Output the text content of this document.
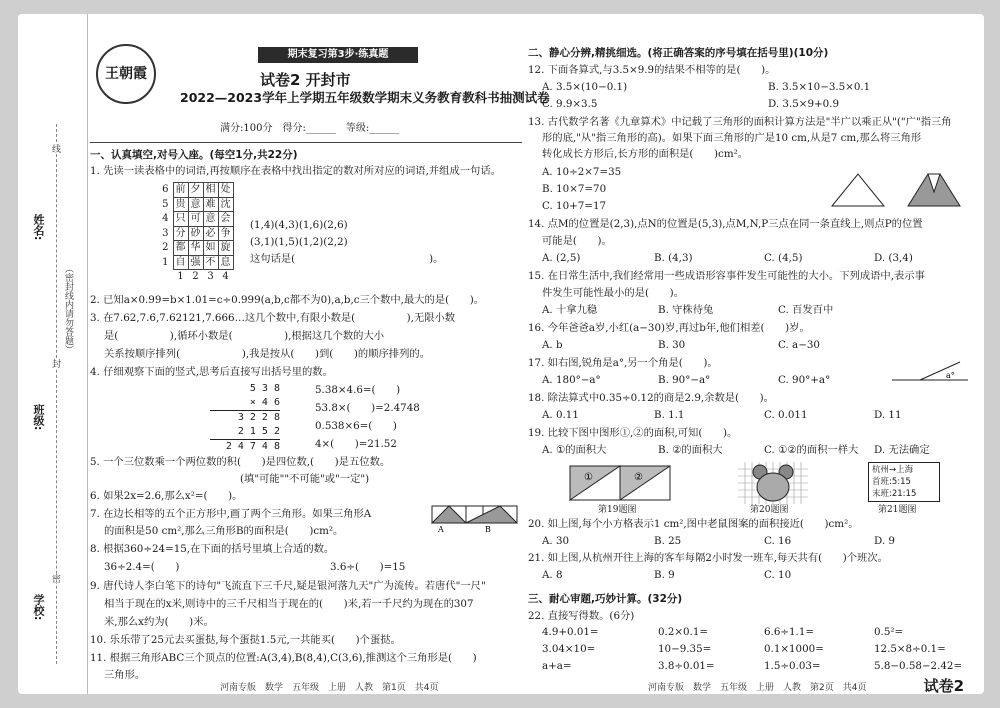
姓名:
班级:
学校:
（密封线内请勿答题）
线
封
密
王朝霞
期末复习第3步·练真题
试卷2 开封市
2022—2023学年上学期五年级数学期末义务教育教科书抽测试卷
满分:100分　得分:______　等级:______
一、认真填空,对号入座。(每空1分,共22分)
1. 先读一读表格中的词语,再按顺序在表格中找出指定的数对所对应的词语,并组成一句话。
6	前	夕	相	处
5	贵	意	难	沈
4	只	可	意	会
3	分	砂	必	争
2	都	华	如	旋
1	自	强	不	息
	1	2	3	4
(1,4)(4,3)(1,6)(2,6)
(3,1)(1,5)(1,2)(2,2)
这句话是(　　　　　　　　　　　　　)。
2. 已知a×0.99=b×1.01=c÷0.999(a,b,c都不为0),a,b,c三个数中,最大的是(　　)。
3. 在7.62,7.6̇,7.62121,7.666…这几个数中,有限小数是(　　　　　),无限小数
是(　　　　　),循环小数是(　　　　　),根据这几个数的大小
关系按顺序排列(　　　　　　),我是按从(　　)到(　　)的顺序排列的。
4. 仔细观察下面的竖式,思考后直接写出括号里的数。
5 3 8
× 4 6
3 2 2 8
2 1 5 2
2 4 7 4 8
5.38×4.6=(　　)
53.8×(　　)=2.4748
0.538×6=(　　)
4×(　　)=21.52
5. 一个三位数乘一个两位数的积(　　)是四位数,(　　)是五位数。
(填"可能""不可能"或"一定")
6. 如果2x=2.6,那么x²=(　　)。
7. 在边长相等的五个正方形中,画了两个三角形。如果三角形A
的面积是50 cm²,那么三角形B的面积是(　　)cm²。	A	B
8. 根据360÷24=15,在下面的括号里填上合适的数。
36÷2.4=(　　)	3.6÷(　　)=15
9. 唐代诗人李白笔下的诗句"飞流直下三千尺,疑是银河落九天"广为流传。若唐代"一尺"
相当于现在的x米,则诗中的三千尺相当于现在的(　　)米,若一千尺约为现在的307
米,那么x约为(　　)米。
10. 乐乐带了25元去买蛋挞,每个蛋挞1.5元,一共能买(　　)个蛋挞。
11. 根据三角形ABC三个顶点的位置:A(3,4),B(8,4),C(3,6),推测这个三角形是(　　)
三角形。
河南专版　数学　五年级　上册　人教　第1页　共4页
二、静心分辨,精挑细选。(将正确答案的序号填在括号里)(10分)
12. 下面各算式,与3.5×9.9的结果不相等的是(　　)。
A. 3.5×(10−0.1)	B. 3.5×10−3.5×0.1
C. 9.9×3.5	D. 3.5×9+0.9
13. 古代数学名著《九章算术》中记载了三角形的面积计算方法是"半广以乘正从"("广"指三角
形的底,"从"指三角形的高)。如果下面三角形的广是10 cm,从是7 cm,那么将三角形
转化成长方形后,长方形的面积是(　　)cm²。
A. 10÷2×7=35
B. 10×7=70
C. 10+7=17
14. 点M的位置是(2,3),点N的位置是(5,3),点M,N,P三点在同一条直线上,则点P的位置
可能是(　　)。
A. (2,5)	B. (4,3)	C. (4,5)	D. (3,4)
15. 在日常生活中,我们经常用一些成语形容事件发生可能性的大小。下列成语中,表示事
件发生可能性最小的是(　　)。
A. 十拿九稳	B. 守株待兔	C. 百发百中
16. 今年爸爸a岁,小红(a−30)岁,再过b年,他们相差(　　)岁。
A. b	B. 30	C. a−30
17. 如右图,锐角是a°,另一个角是(　　)。
A. 180°−a°	B. 90°−a°	C. 90°+a°	a°
18. 除法算式中0.35÷0.12的商是2.9,余数是(　　)。
A. 0.11	B. 1.1	C. 0.011	D. 11
19. 比较下图中图形①,②的面积,可知(　　)。
A. ①的面积大	B. ②的面积大	C. ①②的面积一样大 D. 无法确定
①	②
第19题图	第20题图
杭州→上海
首班:5:15
末班:21:15
第21题图
20. 如上图,每个小方格表示1 cm²,图中老鼠图案的面积接近(　　)cm²。
A. 30	B. 25	C. 16	D. 9
21. 如上图,从杭州开往上海的客车每隔2小时发一班车,每天共有(　　)个班次。
A. 8	B. 9	C. 10
三、耐心审题,巧妙计算。(32分)
22. 直接写得数。(6分)
4.9+0.01=	0.2×0.1=	6.6÷1.1=	0.5²=
3.04×10=	10−9.35=	0.1×1000=	12.5×8÷0.1=
a+a=	3.8÷0.01=	1.5÷0.03=	5.8−0.58−2.42=
河南专版　数学　五年级　上册　人教　第2页　共4页	试卷2
